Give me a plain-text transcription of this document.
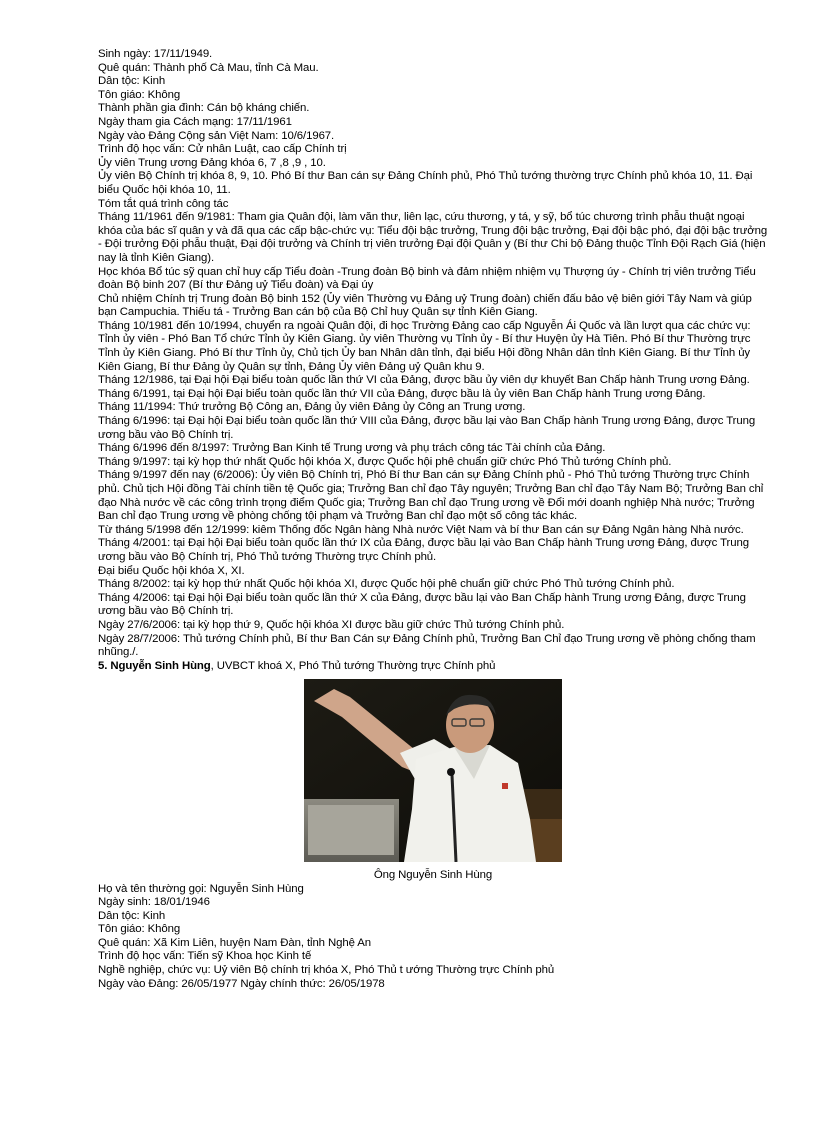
Sinh ngày: 17/11/1949.

Quê quán: Thành phố Cà Mau, tỉnh Cà Mau.

Dân tộc: Kinh

Tôn giáo: Không

Thành phần gia đình: Cán bộ kháng chiến.

Ngày tham gia Cách mạng: 17/11/1961

Ngày vào Đảng Cộng sản Việt Nam: 10/6/1967.

Trình độ học vấn: Cử nhân Luật, cao cấp Chính trị

Ủy viên Trung ương Đảng khóa 6, 7 ,8 ,9 , 10.

Ủy viên Bộ Chính trị khóa 8, 9, 10. Phó Bí thư Ban cán sự Đảng Chính phủ, Phó Thủ tướng thường trực Chính phủ khóa 10, 11. Đại biểu Quốc hội khóa 10, 11.

Tóm tắt quá trình công tác

Tháng 11/1961 đến 9/1981: Tham gia Quân đội, làm văn thư, liên lạc, cứu thương, y tá, y sỹ, bổ túc chương trình phẫu thuật ngoại khóa của bác sĩ quân y và đã qua các cấp bậc-chức vụ: Tiểu đội bậc trưởng, Trung đội bậc trưởng, Đại đội bậc phó, đại đội bậc trưởng - Đội trưởng Đội phẫu thuật, Đại đội trưởng và Chính trị viên trưởng Đại đội Quân y (Bí thư Chi bộ Đảng thuộc Tỉnh Đội Rạch Giá (hiện nay là tỉnh Kiên Giang).

Học khóa Bổ túc sỹ quan chỉ huy cấp Tiểu đoàn -Trung đoàn Bộ binh và đảm nhiệm nhiệm vụ Thượng úy - Chính trị viên trưởng Tiểu đoàn Bộ binh 207 (Bí thư Đảng uỷ Tiểu đoàn) và Đại úy

Chủ nhiệm Chính trị Trung đoàn Bộ binh 152 (Ủy viên Thường vụ Đảng uỷ Trung đoàn) chiến đấu bảo vệ biên giới Tây Nam và giúp bạn Campuchia. Thiếu tá - Trưởng Ban cán bộ của Bộ Chỉ huy Quân sự tỉnh Kiên Giang.

Tháng 10/1981 đến 10/1994, chuyển ra ngoài Quân đội, đi học Trường Đảng cao cấp Nguyễn Ái Quốc và lần lượt qua các chức vụ: Tỉnh ủy viên - Phó Ban Tổ chức Tỉnh ủy Kiên Giang. ủy viên Thường vụ Tỉnh ủy - Bí thư Huyện ủy Hà Tiên. Phó Bí thư Thường trực Tỉnh ủy Kiên Giang. Phó Bí thư Tỉnh ủy, Chủ tịch Ủy ban Nhân dân tỉnh, đại biểu Hội đồng Nhân dân tỉnh Kiên Giang. Bí thư Tỉnh ủy Kiên Giang, Bí thư Đảng ủy Quân sự tỉnh, Đảng Ủy viên Đảng uỷ Quân khu 9.

Tháng 12/1986, tại Đại hội Đại biểu toàn quốc lần thứ VI của Đảng, được bầu ủy viên dự khuyết Ban Chấp hành Trung ương Đảng.

Tháng 6/1991, tại Đại hội Đại biểu toàn quốc lần thứ VII của Đảng, được bầu là ủy viên Ban Chấp hành Trung ương Đảng.

Tháng 11/1994: Thứ trưởng Bộ Công an, Đảng ủy viên Đảng ủy Công an Trung ương.

Tháng 6/1996: tại Đại hội Đại biểu toàn quốc lần thứ VIII của Đảng, được bầu lại vào Ban Chấp hành Trung ương Đảng, được Trung ương bầu vào Bộ Chính trị.

Tháng 6/1996 đến 8/1997: Trưởng Ban Kinh tế Trung ương và phụ trách công tác Tài chính của Đảng.

Tháng 9/1997: tại kỳ họp thứ nhất Quốc hội khóa X, được Quốc hội phê chuẩn giữ chức Phó Thủ tướng Chính phủ.

Tháng 9/1997 đến nay (6/2006): Ủy viên Bộ Chính trị, Phó Bí thư Ban cán sự Đảng Chính phủ - Phó Thủ tướng Thường trực Chính phủ. Chủ tịch Hội đồng Tài chính tiền tệ Quốc gia; Trưởng Ban chỉ đạo Tây nguyên; Trưởng Ban chỉ đạo Tây Nam Bộ; Trưởng Ban chỉ đạo Nhà nước về các công trình trọng điểm Quốc gia; Trưởng Ban chỉ đạo Trung ương về Đổi mới doanh nghiệp Nhà nước; Trưởng Ban chỉ đạo Trung ương về phòng chống tội phạm và Trưởng Ban chỉ đạo một số công tác khác.

Từ tháng 5/1998 đến 12/1999: kiêm Thống đốc Ngân hàng Nhà nước Việt Nam và bí thư Ban cán sự Đảng Ngân hàng Nhà nước.

Tháng 4/2001: tại Đại hội Đại biểu toàn quốc lần thứ IX của Đảng, được bầu lại vào Ban Chấp hành Trung ương Đảng, được Trung ương bầu vào Bộ Chính trị, Phó Thủ tướng Thường trực Chính phủ.

Đại biểu Quốc hội khóa X, XI.

Tháng 8/2002: tại kỳ họp thứ nhất Quốc hội khóa XI, được Quốc hội phê chuẩn giữ chức Phó Thủ tướng Chính phủ.

Tháng 4/2006: tại Đại hội Đại biểu toàn quốc lần thứ X của Đảng, được bầu lại vào Ban Chấp hành Trung ương Đảng, được Trung ương bầu vào Bộ Chính trị.

Ngày 27/6/2006: tại kỳ họp thứ 9, Quốc hội khóa XI được bầu giữ chức Thủ tướng Chính phủ.

Ngày 28/7/2006: Thủ tướng Chính phủ, Bí thư Ban Cán sự Đảng Chính phủ, Trưởng Ban Chỉ đạo Trung ương về phòng chống tham nhũng./.

5. Nguyễn Sinh Hùng, UVBCT khoá X, Phó Thủ tướng Thường trực Chính phủ

Ông Nguyễn Sinh Hùng

Họ và tên thường gọi: Nguyễn Sinh Hùng

Ngày sinh: 18/01/1946

Dân tộc: Kinh

Tôn giáo: Không

Quê quán: Xã Kim Liên, huyện Nam Đàn, tỉnh Nghệ An

Trình độ học vấn: Tiến sỹ Khoa học Kinh tế

Nghề nghiệp, chức vụ: Uỷ viên Bộ chính trị khóa X, Phó Thủ t ướng Thường trực Chính phủ

Ngày vào Đảng: 26/05/1977 Ngày chính thức: 26/05/1978
